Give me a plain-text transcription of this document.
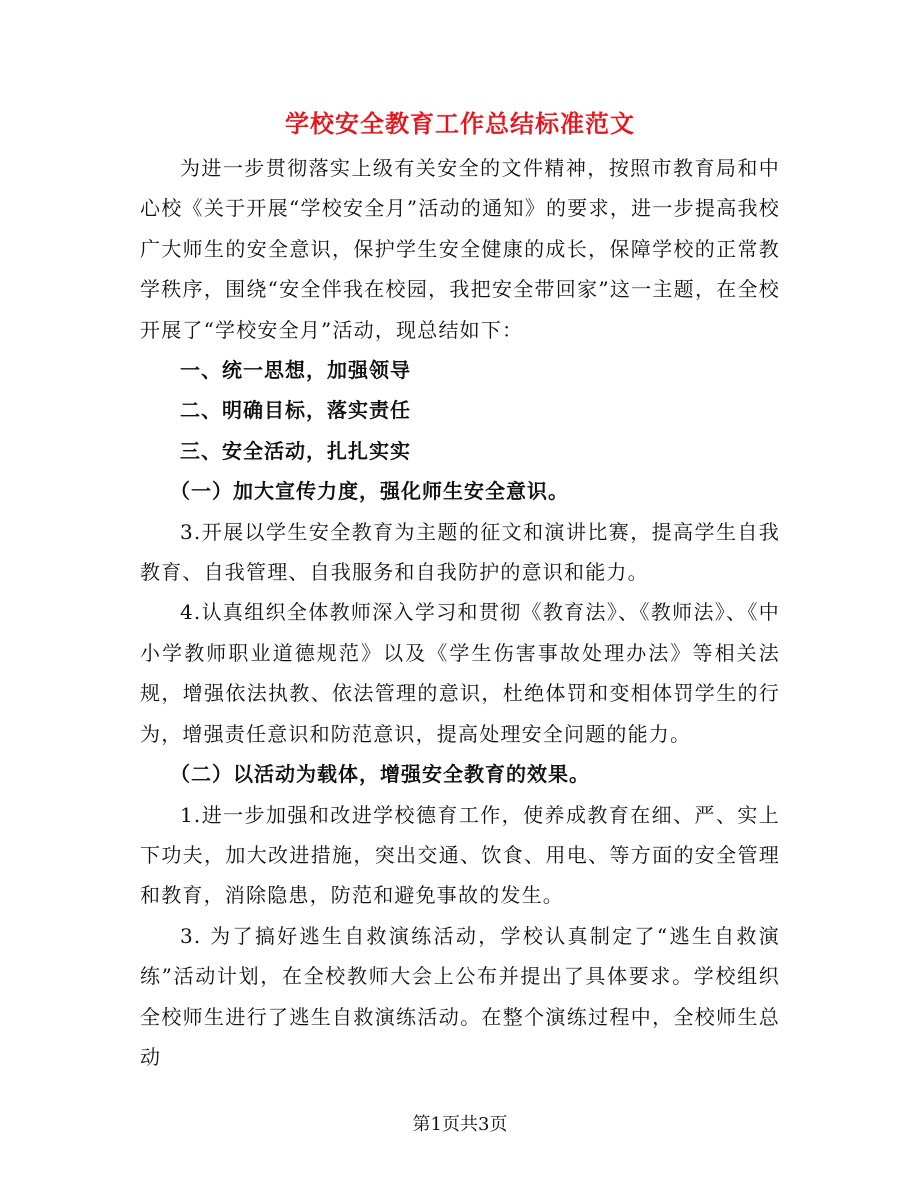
学校安全教育工作总结标准范文

为进一步贯彻落实上级有关安全的文件精神，按照市教育局和中心校《关于开展“学校安全月”活动的通知》的要求，进一步提高我校广大师生的安全意识，保护学生安全健康的成长，保障学校的正常教学秩序，围绕“安全伴我在校园，我把安全带回家”这一主题，在全校开展了“学校安全月”活动，现总结如下：

一、统一思想，加强领导

二、明确目标，落实责任

三、安全活动，扎扎实实

（一）加大宣传力度，强化师生安全意识。

3.开展以学生安全教育为主题的征文和演讲比赛，提高学生自我教育、自我管理、自我服务和自我防护的意识和能力。

4.认真组织全体教师深入学习和贯彻《教育法》、《教师法》、《中小学教师职业道德规范》以及《学生伤害事故处理办法》等相关法规，增强依法执教、依法管理的意识，杜绝体罚和变相体罚学生的行为，增强责任意识和防范意识，提高处理安全问题的能力。

（二）以活动为载体，增强安全教育的效果。

1.进一步加强和改进学校德育工作，使养成教育在细、严、实上下功夫，加大改进措施，突出交通、饮食、用电、等方面的安全管理和教育，消除隐患，防范和避免事故的发生。

3. 为了搞好逃生自救演练活动，学校认真制定了“逃生自救演练”活动计划，在全校教师大会上公布并提出了具体要求。学校组织全校师生进行了逃生自救演练活动。在整个演练过程中，全校师生总动

第1页共3页
